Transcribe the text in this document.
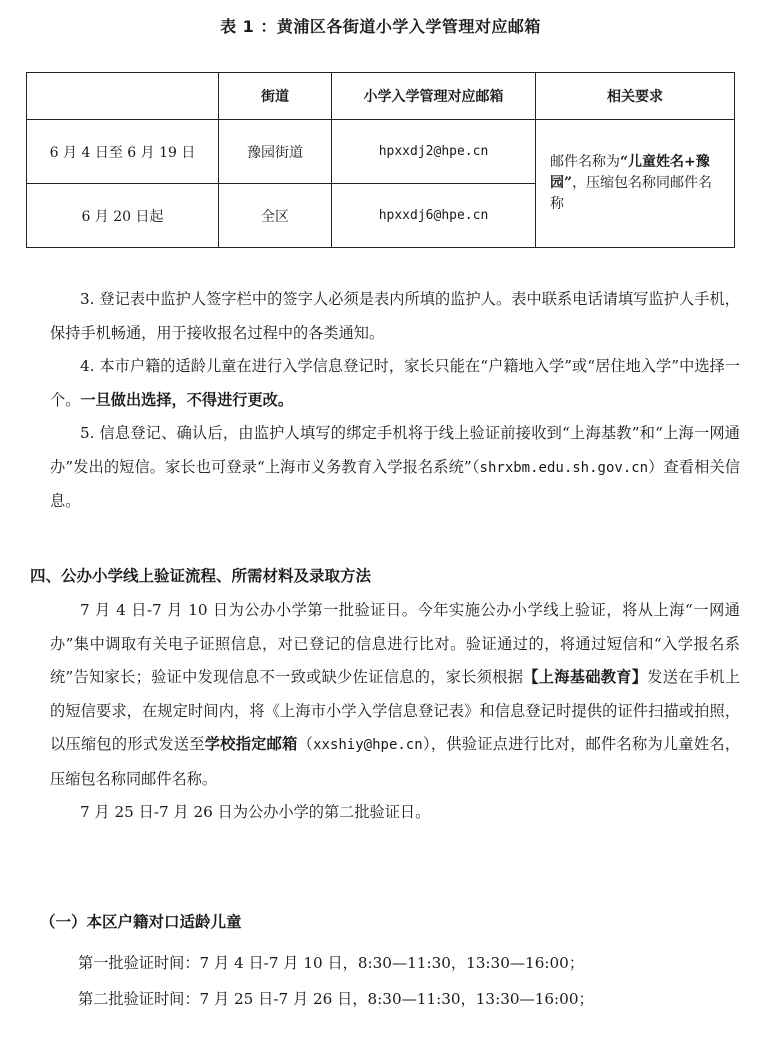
表 1 ：黄浦区各街道小学入学管理对应邮箱
	街道	小学入学管理对应邮箱	相关要求
6 月 4 日至 6 月 19 日	豫园街道	hpxxdj2@hpe.cn	邮件名称为“儿童姓名+豫园”，压缩包名称同邮件名称
6 月 20 日起	全区	hpxxdj6@hpe.cn	

3. 登记表中监护人签字栏中的签字人必须是表内所填的监护人。表中联系电话请填写监护人手机，保持手机畅通，用于接收报名过程中的各类通知。

4. 本市户籍的适龄儿童在进行入学信息登记时，家长只能在“户籍地入学”或“居住地入学”中选择一个。一旦做出选择，不得进行更改。

5. 信息登记、确认后，由监护人填写的绑定手机将于线上验证前接收到“上海基教”和“上海一网通办”发出的短信。家长也可登录“上海市义务教育入学报名系统”（shrxbm.edu.sh.gov.cn）查看相关信息。

四、公办小学线上验证流程、所需材料及录取方法

7 月 4 日-7 月 10 日为公办小学第一批验证日。今年实施公办小学线上验证，将从上海“一网通办”集中调取有关电子证照信息，对已登记的信息进行比对。验证通过的，将通过短信和“入学报名系统”告知家长；验证中发现信息不一致或缺少佐证信息的，家长须根据【上海基础教育】发送在手机上的短信要求，在规定时间内，将《上海市小学入学信息登记表》和信息登记时提供的证件扫描或拍照，以压缩包的形式发送至学校指定邮箱（xxshiy@hpe.cn），供验证点进行比对，邮件名称为儿童姓名，压缩包名称同邮件名称。

7 月 25 日-7 月 26 日为公办小学的第二批验证日。

（一）本区户籍对口适龄儿童
第一批验证时间：7 月 4 日-7 月 10 日，8:30—11:30，13:30—16:00；
第二批验证时间：7 月 25 日-7 月 26 日，8:30—11:30，13:30—16:00；
